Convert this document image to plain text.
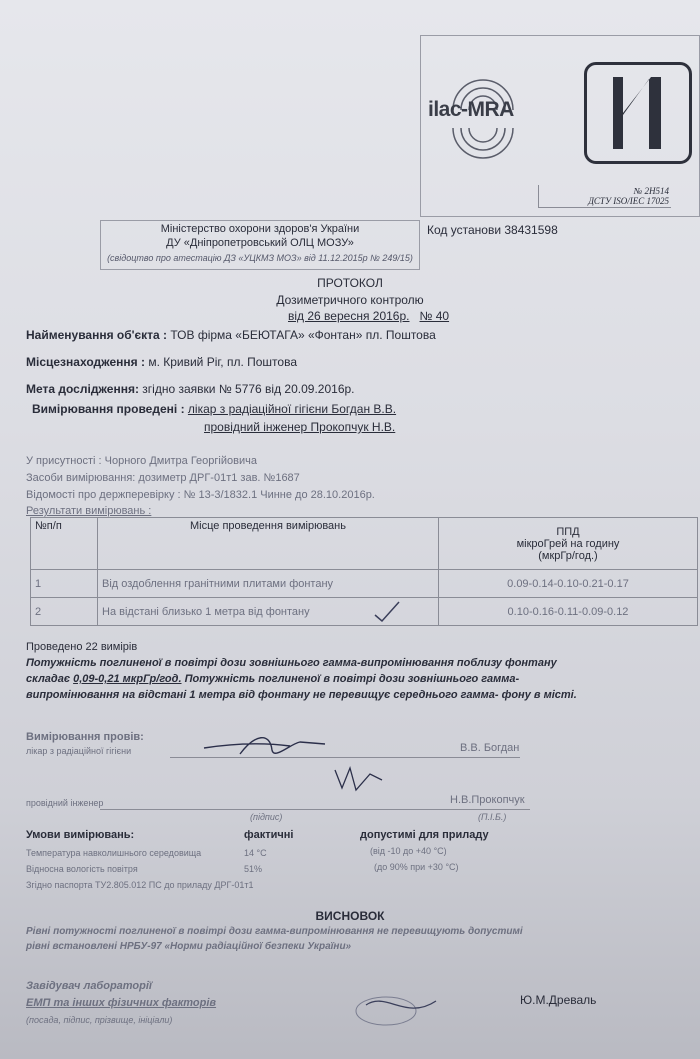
ilac-MRA
№ 2Н514
ДСТУ ISO/IEC 17025
Міністерство охорони здоров'я України
ДУ «Дніпропетровський ОЛЦ МОЗУ»
(свідоцтво про атестацію ДЗ «УЦКМЗ МОЗ» від 11.12.2015р № 249/15)
Код установи 38431598
ПРОТОКОЛ
Дозиметричного контролю
від 26 вересня 2016р. № 40
Найменування об'єкта : ТОВ фірма «БЕЮТАГА» «Фонтан» пл. Поштова
Місцезнаходження : м. Кривий Ріг, пл. Поштова
Мета дослідження: згідно заявки № 5776 від 20.09.2016р.
Вимірювання проведені : лікар з радіаційної гігієни Богдан В.В.
провідний інженер Прокопчук Н.В.
У присутності : Чорного Дмитра Георгійовича
Засоби вимірювання: дозиметр ДРГ-01т1 зав. №1687
Відомості про держперевірку : № 13-3/1832.1 Чинне до 28.10.2016р.
Результати вимірювань :
№п/п	Місце проведення вимірювань	ППД
мікроГрей на годину
(мкрГр/год.)

1	Від оздоблення гранітними плитами фонтану	0.09-0.14-0.10-0.21-0.17
2	На відстані близько 1 метра від фонтану	0.10-0.16-0.11-0.09-0.12
Проведено 22 вимірів
Потужність поглиненої в повітрі дози зовнішнього гамма-випромінювання поблизу фонтану
складає 0,09-0,21 мкрГр/год. Потужність поглиненої в повітрі дози зовнішнього гамма-
випромінювання на відстані 1 метра від фонтану не перевищує середнього гамма- фону в місті.
Вимірювання провів:
лікар з радіаційної гігієни	В.В. Богдан
провідний інженер	Н.В.Прокопчук
(підпис)	(П.І.Б.)
Умови вимірювань:	фактичні	допустимі для приладу
Температура навколишнього середовища	14 °С	(від -10 до +40 °С)
Відносна вологість повітря	51%	(до 90% при +30 °С)
Згідно паспорта ТУ2.805.012 ПС до приладу ДРГ-01т1
ВИСНОВОК
Рівні потужності поглиненої в повітрі дози гамма-випромінювання не перевищують допустимі
рівні встановлені НРБУ-97 «Норми радіаційної безпеки України»
Завідувач лабораторії
ЕМП та інших фізичних факторів	Ю.М.Древаль
(посада, підпис, прізвище, ініціали)
